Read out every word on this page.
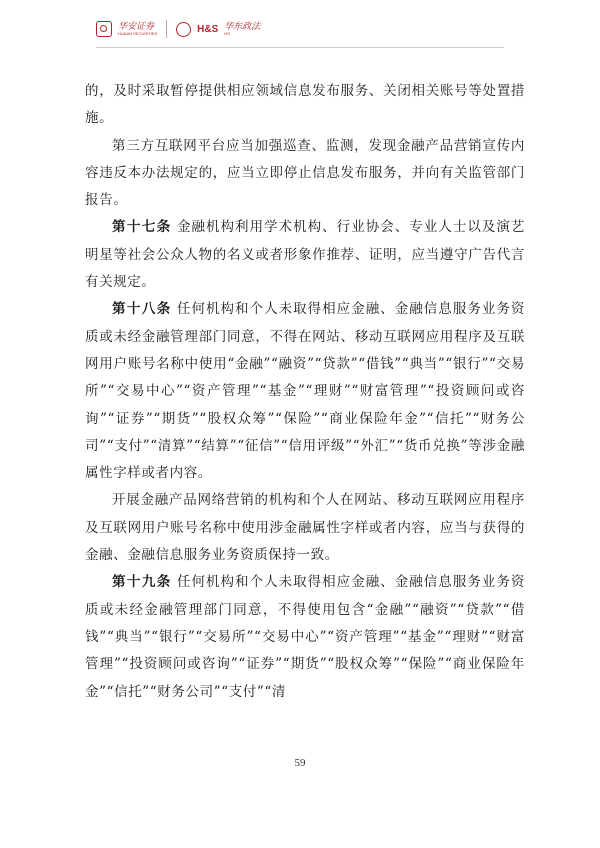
华安证券
HUAAN SECURITIES	H&S 华东政法
HS

的，及时采取暂停提供相应领域信息发布服务、关闭相关账号等处置措施。

第三方互联网平台应当加强巡查、监测，发现金融产品营销宣传内容违反本办法规定的，应当立即停止信息发布服务，并向有关监管部门报告。

第十七条 金融机构利用学术机构、行业协会、专业人士以及演艺明星等社会公众人物的名义或者形象作推荐、证明，应当遵守广告代言有关规定。

第十八条 任何机构和个人未取得相应金融、金融信息服务业务资质或未经金融管理部门同意，不得在网站、移动互联网应用程序及互联网用户账号名称中使用“金融”“融资”“贷款”“借钱”“典当”“银行”“交易所”“交易中心”“资产管理”“基金”“理财”“财富管理”“投资顾问或咨询”“证券”“期货”“股权众筹”“保险”“商业保险年金”“信托”“财务公司”“支付”“清算”“结算”“征信”“信用评级”“外汇”“货币兑换”等涉金融属性字样或者内容。

开展金融产品网络营销的机构和个人在网站、移动互联网应用程序及互联网用户账号名称中使用涉金融属性字样或者内容，应当与获得的金融、金融信息服务业务资质保持一致。

第十九条 任何机构和个人未取得相应金融、金融信息服务业务资质或未经金融管理部门同意，不得使用包含“金融”“融资”“贷款”“借钱”“典当”“银行”“交易所”“交易中心”“资产管理”“基金”“理财”“财富管理”“投资顾问或咨询”“证券”“期货”“股权众筹”“保险”“商业保险年金”“信托”“财务公司”“支付”“清

59
